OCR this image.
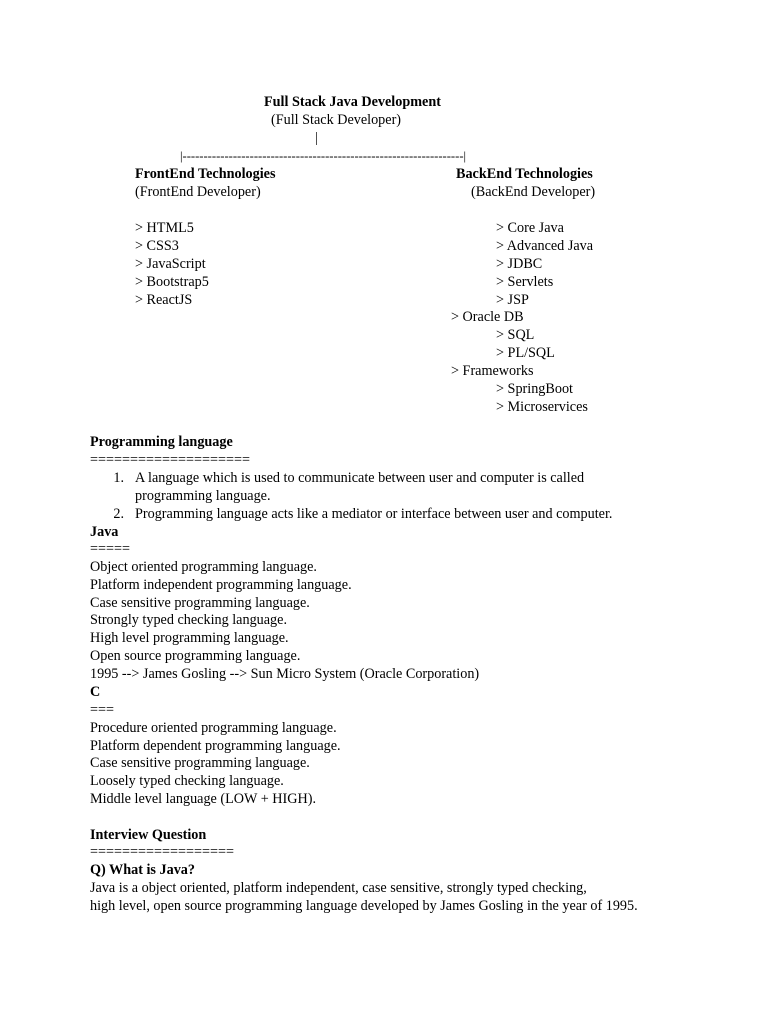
Full Stack Java Development
(Full Stack Developer)
|
|-------------------------------------------------------------------|
FrontEnd Technologies
(FrontEnd Developer)
> HTML5
> CSS3
> JavaScript
> Bootstrap5
> ReactJS
BackEnd Technologies
(BackEnd Developer)
> Core Java
> Advanced Java
> JDBC
> Servlets
> JSP
> Oracle DB
> SQL
> PL/SQL
> Frameworks
> SpringBoot
> Microservices
Programming language
====================
1. A language which is used to communicate between user and computer is called
programming language.
2. Programming language acts like a mediator or interface between user and computer.
Java
=====
Object oriented programming language.
Platform independent programming language.
Case sensitive programming language.
Strongly typed checking language.
High level programming language.
Open source programming language.
1995 --> James Gosling --> Sun Micro System (Oracle Corporation)
C
===
Procedure oriented programming language.
Platform dependent programming language.
Case sensitive programming language.
Loosely typed checking language.
Middle level language (LOW + HIGH).
Interview Question
==================
Q) What is Java?
Java is a object oriented, platform independent, case sensitive, strongly typed checking,
high level, open source programming language developed by James Gosling in the year of 1995.
